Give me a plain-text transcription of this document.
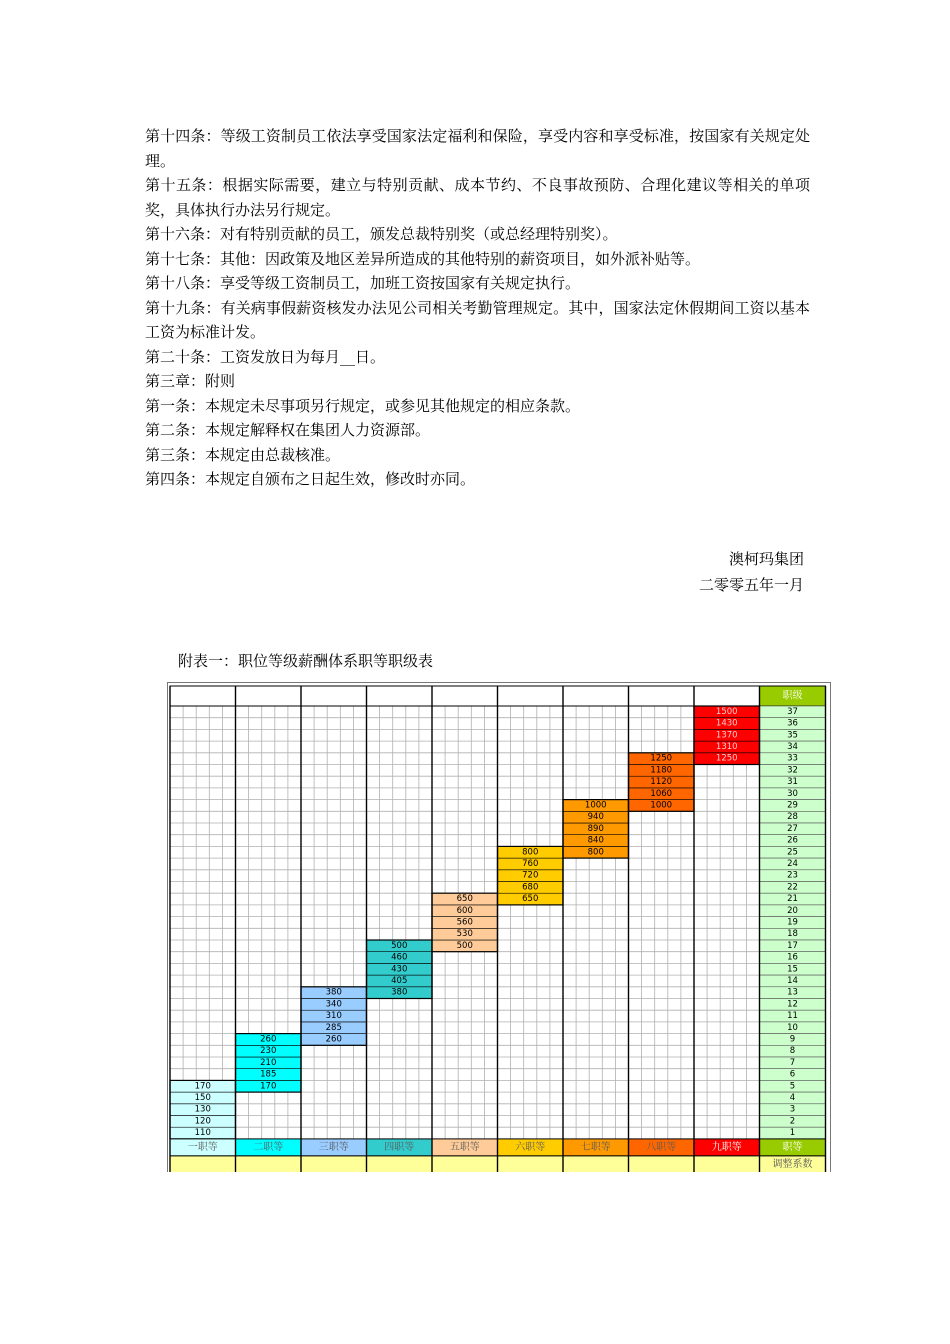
第十四条：等级工资制员工依法享受国家法定福利和保险，享受内容和享受标准，按国家有关规定处理。

第十五条：根据实际需要，建立与特别贡献、成本节约、不良事故预防、合理化建议等相关的单项奖，具体执行办法另行规定。

第十六条：对有特别贡献的员工，颁发总裁特别奖（或总经理特别奖）。

第十七条：其他：因政策及地区差异所造成的其他特别的薪资项目，如外派补贴等。

第十八条：享受等级工资制员工，加班工资按国家有关规定执行。

第十九条：有关病事假薪资核发办法见公司相关考勤管理规定。其中，国家法定休假期间工资以基本工资为标准计发。

第二十条：工资发放日为每月__日。

第三章：附则

第一条：本规定未尽事项另行规定，或参见其他规定的相应条款。

第二条：本规定解释权在集团人力资源部。

第三条：本规定由总裁核准。

第四条：本规定自颁布之日起生效，修改时亦同。

澳柯玛集团
二零零五年一月
附表一：职位等级薪酬体系职等职级表
职级
37
36
35
34
33
32
31
30
29
28
27
26
25
24
23
22
21
20
19
18
17
16
15
14
13
12
11
10
9
8
7
6
5
4
3
2
1
110
120
130
150
170
一职等
170
185
210
230
260
二职等
260
285
310
340
380
三职等
380
405
430
460
500
四职等
500
530
560
600
650
五职等
650
680
720
760
800
六职等
800
840
890
940
1000
七职等
1000
1060
1120
1180
1250
八职等
1250
1310
1370
1430
1500
九职等	职等
调整系数
